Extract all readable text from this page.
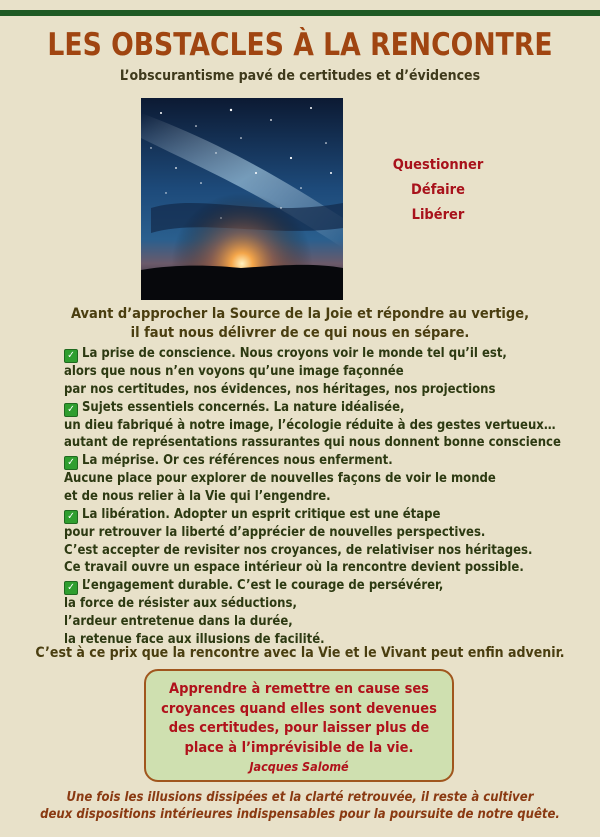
LES OBSTACLES À LA RENCONTRE
L’obscurantisme pavé de certitudes et d’évidences
Questionner
Défaire
Libérer
Avant d’approcher la Source de la Joie et répondre au vertige,
il faut nous délivrer de ce qui nous en sépare.
✓ La prise de conscience. Nous croyons voir le monde tel qu’il est,
alors que nous n’en voyons qu’une image façonnée
par nos certitudes, nos évidences, nos héritages, nos projections
✓ Sujets essentiels concernés. La nature idéalisée,
un dieu fabriqué à notre image, l’écologie réduite à des gestes vertueux…
autant de représentations rassurantes qui nous donnent bonne conscience
✓ La méprise. Or ces références nous enferment.
Aucune place pour explorer de nouvelles façons de voir le monde
et de nous relier à la Vie qui l’engendre.
✓ La libération. Adopter un esprit critique est une étape
pour retrouver la liberté d’apprécier de nouvelles perspectives.
C’est accepter de revisiter nos croyances, de relativiser nos héritages.
Ce travail ouvre un espace intérieur où la rencontre devient possible.
✓ L’engagement durable. C’est le courage de persévérer,
la force de résister aux séductions,
l’ardeur entretenue dans la durée,
la retenue face aux illusions de facilité.
C’est à ce prix que la rencontre avec la Vie et le Vivant peut enfin advenir.
Apprendre à remettre en cause ses
croyances quand elles sont devenues
des certitudes, pour laisser plus de
place à l’imprévisible de la vie.
Jacques Salomé
Une fois les illusions dissipées et la clarté retrouvée, il reste à cultiver
deux dispositions intérieures indispensables pour la poursuite de notre quête.
